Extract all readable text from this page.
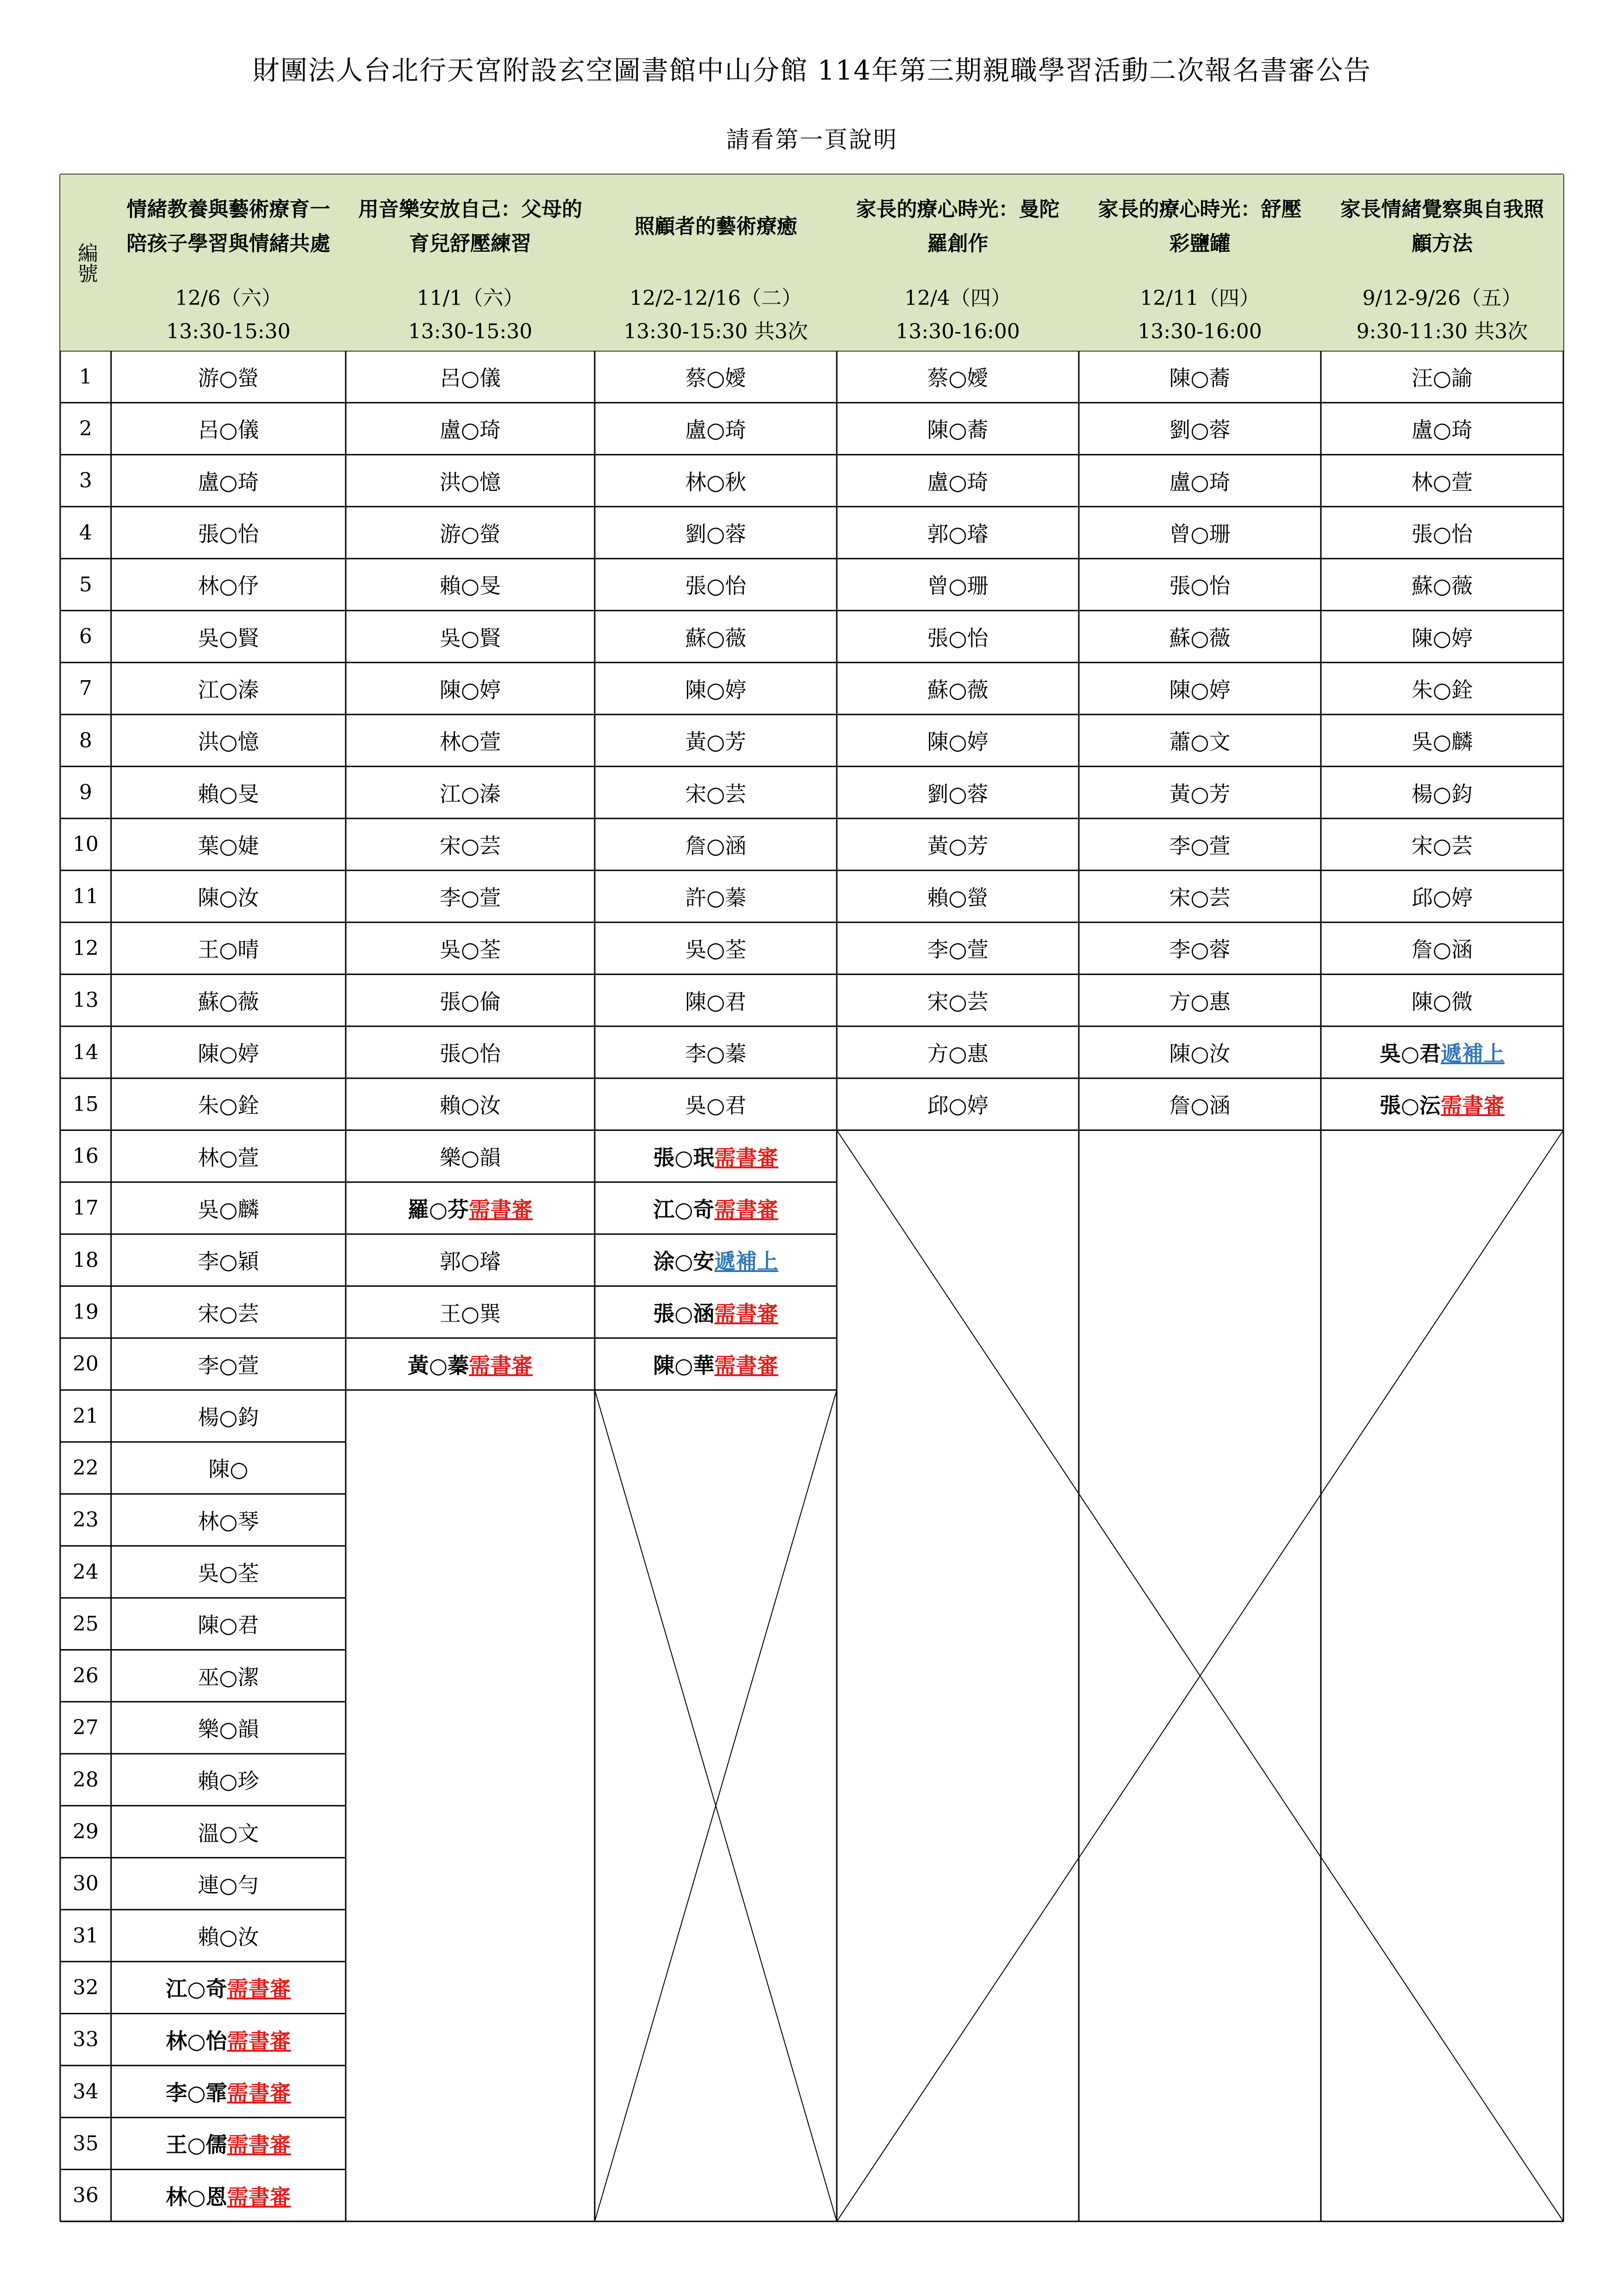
財團法人台北行天宮附設玄空圖書館中山分館 114年第三期親職學習活動二次報名書審公告
請看第一頁說明
編號
情緒教養與藝術療育一陪孩子學習與情緒共處
12/6（六）
13:30-15:30
用音樂安放自己：父母的育兒舒壓練習
11/1（六）
13:30-15:30
照顧者的藝術療癒
12/2-12/16（二）
13:30-15:30 共3次
家長的療心時光：曼陀羅創作
12/4（四）
13:30-16:00
家長的療心時光：舒壓彩鹽罐
12/11（四）
13:30-16:00
家長情緒覺察與自我照顧方法
9/12-9/26（五）
9:30-11:30 共3次
1
2
3
4
5
6
7
8
9
10
11
12
13
14
15
16
17
18
19
20
21
22
23
24
25
26
27
28
29
30
31
32
33
34
35
36
游○螢
呂○儀
盧○琦
張○怡
林○伃
吳○賢
江○溱
洪○憶
賴○旻
葉○婕
陳○汝
王○晴
蘇○薇
陳○婷
朱○銓
林○萱
吳○麟
李○穎
宋○芸
李○萱
楊○鈞
陳○
林○琴
吳○荃
陳○君
巫○潔
樂○韻
賴○珍
溫○文
連○勻
賴○汝
江○奇 需書審
林○怡 需書審
李○霏 需書審
王○儒 需書審
林○恩 需書審
呂○儀
盧○琦
洪○憶
游○螢
賴○旻
吳○賢
陳○婷
林○萱
江○溱
宋○芸
李○萱
吳○荃
張○倫
張○怡
賴○汝
樂○韻
羅○芬 需書審
郭○璿
王○巽
黃○蓁 需書審
蔡○嬡
盧○琦
林○秋
劉○蓉
張○怡
蘇○薇
陳○婷
黃○芳
宋○芸
詹○涵
許○蓁
吳○荃
陳○君
李○蓁
吳○君
張○珉 需書審
江○奇 需書審
涂○安 遞補上
張○涵 需書審
陳○華 需書審
蔡○嬡
陳○蕎
盧○琦
郭○璿
曾○珊
張○怡
蘇○薇
陳○婷
劉○蓉
黃○芳
賴○螢
李○萱
宋○芸
方○惠
邱○婷
陳○蕎
劉○蓉
盧○琦
曾○珊
張○怡
蘇○薇
陳○婷
蕭○文
黃○芳
李○萱
宋○芸
李○蓉
方○惠
陳○汝
詹○涵
汪○諭
盧○琦
林○萱
張○怡
蘇○薇
陳○婷
朱○銓
吳○麟
楊○鈞
宋○芸
邱○婷
詹○涵
陳○微
吳○君 遞補上
張○沄 需書審
